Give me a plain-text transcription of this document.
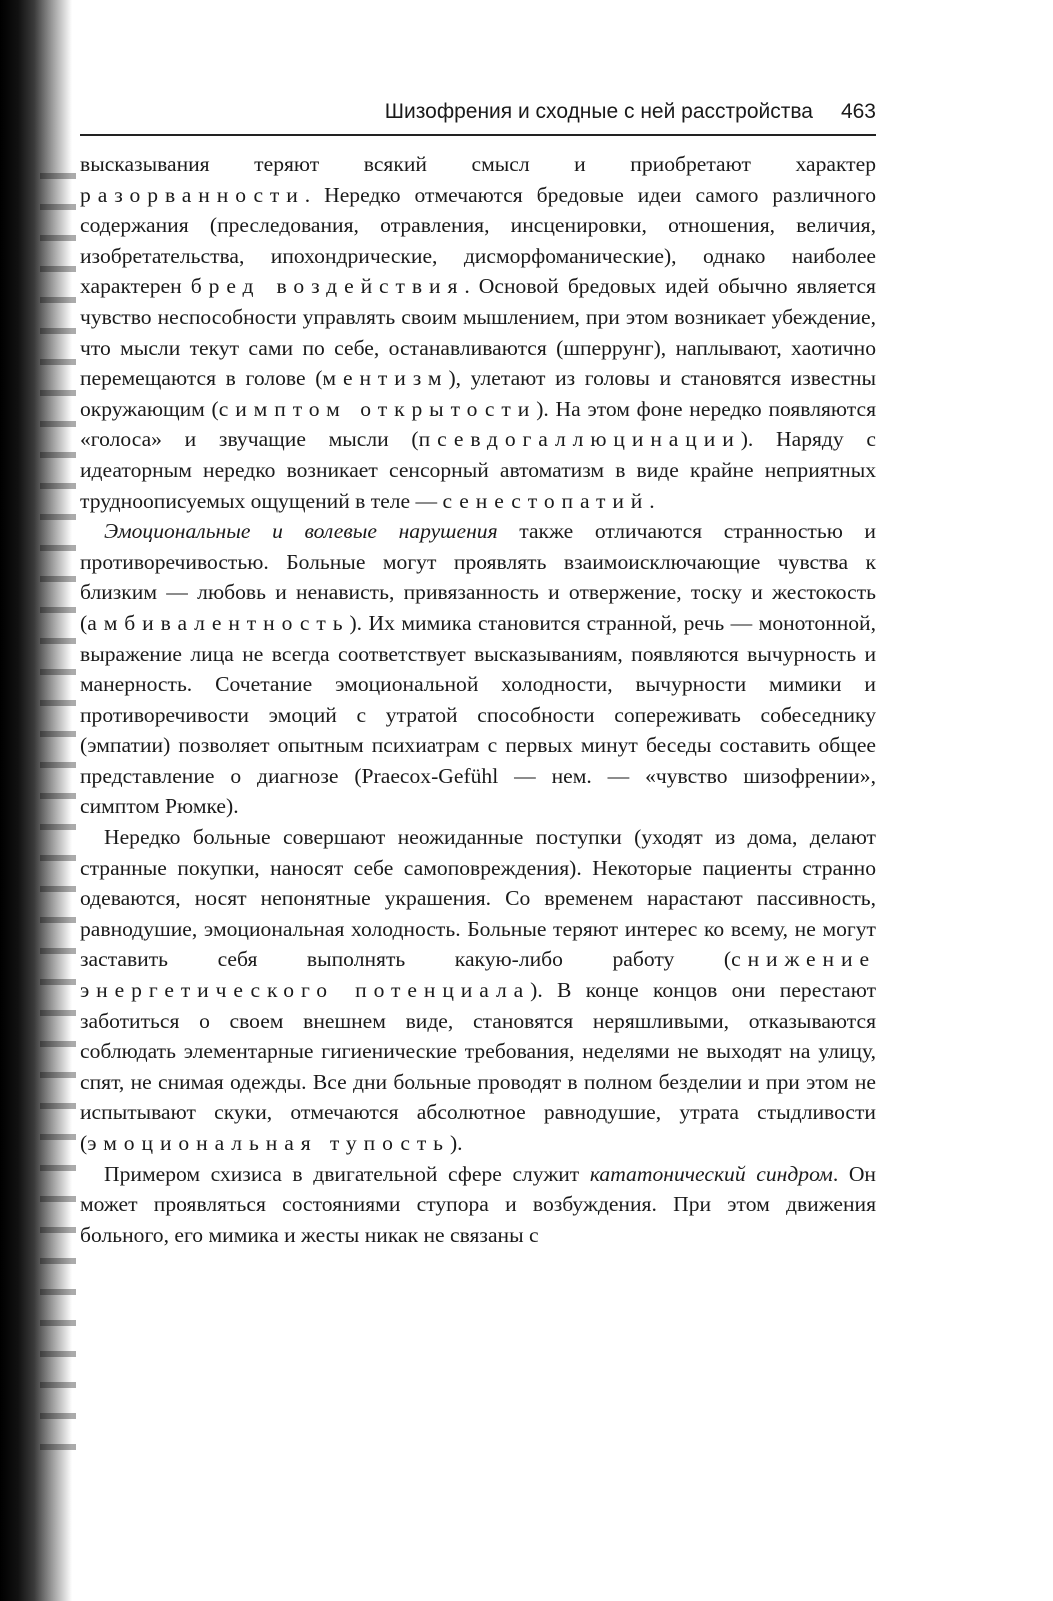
Шизофрения и сходные с ней расстройства 463

высказывания теряют всякий смысл и приобретают характер разорванности. Нередко отмечаются бредовые идеи самого различного содержания (преследования, отравления, инсценировки, отношения, величия, изобретательства, ипохондрические, дисморфоманические), однако наиболее характерен бред воздействия. Основой бредовых идей обычно является чувство неспособности управлять своим мышлением, при этом возникает убеждение, что мысли текут сами по себе, останавливаются (шперрунг), наплывают, хаотично перемещаются в голове (ментизм), улетают из головы и становятся известны окружающим (симптом открытости). На этом фоне нередко появляются «голоса» и звучащие мысли (псевдогаллюцинации). Наряду с идеаторным нередко возникает сенсорный автоматизм в виде крайне неприятных трудноописуемых ощущений в теле — сенестопатий.

Эмоциональные и волевые нарушения также отличаются странностью и противоречивостью. Больные могут проявлять взаимоисключающие чувства к близким — любовь и ненависть, привязанность и отвержение, тоску и жестокость (амбивалентность). Их мимика становится странной, речь — монотонной, выражение лица не всегда соответствует высказываниям, появляются вычурность и манерность. Сочетание эмоциональной холодности, вычурности мимики и противоречивости эмоций с утратой способности сопереживать собеседнику (эмпатии) позволяет опытным психиатрам с первых минут беседы составить общее представление о диагнозе (Praecox-Gefühl — нем. — «чувство шизофрении», симптом Рюмке).

Нередко больные совершают неожиданные поступки (уходят из дома, делают странные покупки, наносят себе самоповреждения). Некоторые пациенты странно одеваются, носят непонятные украшения. Со временем нарастают пассивность, равнодушие, эмоциональная холодность. Больные теряют интерес ко всему, не могут заставить себя выполнять какую-либо работу (снижение энергетического потенциала). В конце концов они перестают заботиться о своем внешнем виде, становятся неряшливыми, отказываются соблюдать элементарные гигиенические требования, неделями не выходят на улицу, спят, не снимая одежды. Все дни больные проводят в полном безделии и при этом не испытывают скуки, отмечаются абсолютное равнодушие, утрата стыдливости (эмоциональная тупость).

Примером схизиса в двигательной сфере служит кататонический синдром. Он может проявляться состояниями ступора и возбуждения. При этом движения больного, его мимика и жесты никак не связаны с
